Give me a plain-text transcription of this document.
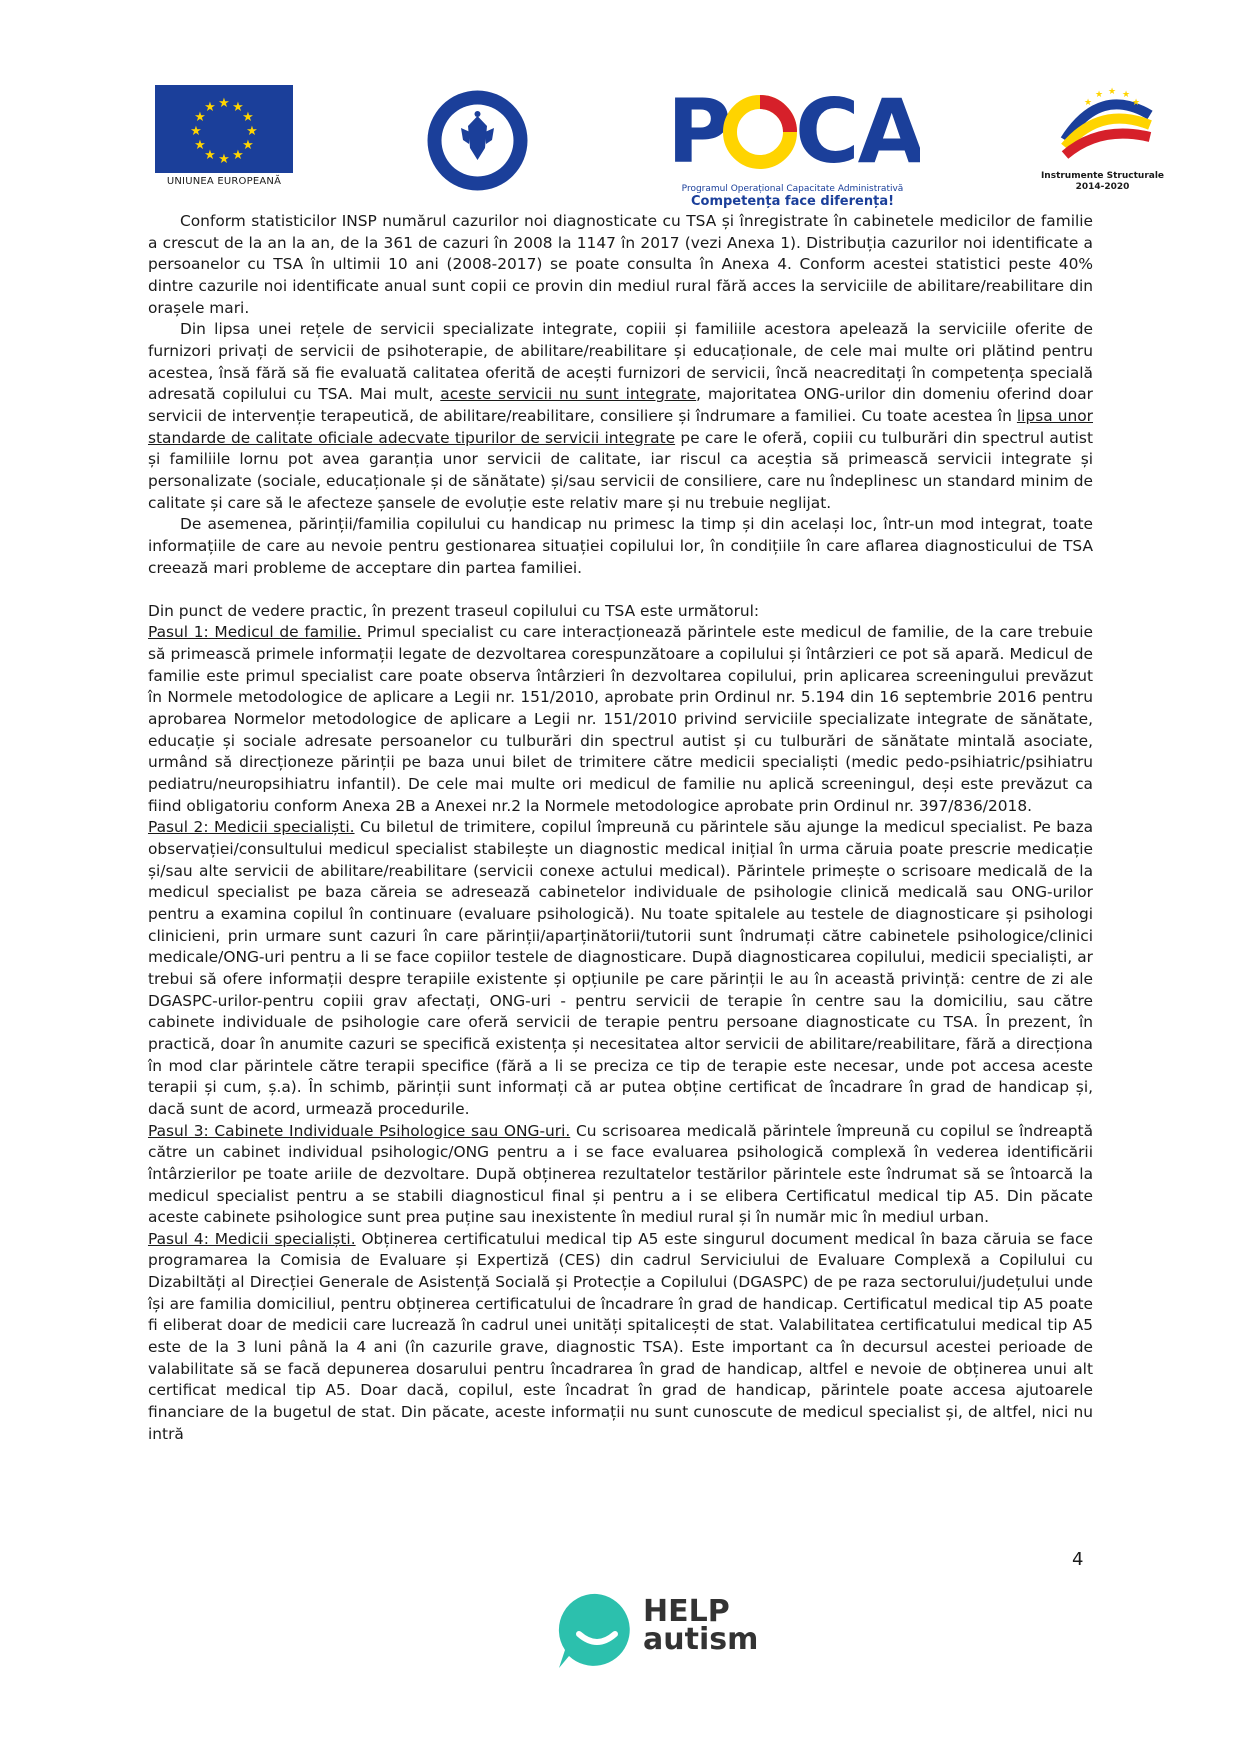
★ ★
★
★
★
★
★
★
★
★
★
★
UNIUNEA EUROPEANĂ	P CA
Programul Operațional Capacitate Administrativă
Competența face diferența!
★ ★ ★
★	★
Instrumente Structurale
2014-2020

Conform statisticilor INSP numărul cazurilor noi diagnosticate cu TSA și înregistrate în cabinetele medicilor de familie a crescut de la an la an, de la 361 de cazuri în 2008 la 1147 în 2017 (vezi Anexa 1). Distribuția cazurilor noi identificate a persoanelor cu TSA în ultimii 10 ani (2008-2017) se poate consulta în Anexa 4. Conform acestei statistici peste 40% dintre cazurile noi identificate anual sunt copii ce provin din mediul rural fără acces la serviciile de abilitare/reabilitare din orașele mari.

Din lipsa unei rețele de servicii specializate integrate, copiii și familiile acestora apelează la serviciile oferite de furnizori privați de servicii de psihoterapie, de abilitare/reabilitare și educaționale, de cele mai multe ori plătind pentru acestea, însă fără să fie evaluată calitatea oferită de acești furnizori de servicii, încă neacreditați în competența specială adresată copilului cu TSA. Mai mult, aceste servicii nu sunt integrate, majoritatea ONG-urilor din domeniu oferind doar servicii de intervenție terapeutică, de abilitare/reabilitare, consiliere și îndrumare a familiei. Cu toate acestea în lipsa unor standarde de calitate oficiale adecvate tipurilor de servicii integrate pe care le oferă, copiii cu tulburări din spectrul autist și familiile lornu pot avea garanția unor servicii de calitate, iar riscul ca aceștia să primească servicii integrate și personalizate (sociale, educaționale și de sănătate) și/sau servicii de consiliere, care nu îndeplinesc un standard minim de calitate și care să le afecteze șansele de evoluție este relativ mare și nu trebuie neglijat.

De asemenea, părinții/familia copilului cu handicap nu primesc la timp și din același loc, într-un mod integrat, toate informațiile de care au nevoie pentru gestionarea situației copilului lor, în condițiile în care aflarea diagnosticului de TSA creează mari probleme de acceptare din partea familiei.

Din punct de vedere practic, în prezent traseul copilului cu TSA este următorul:

Pasul 1: Medicul de familie. Primul specialist cu care interacționează părintele este medicul de familie, de la care trebuie să primească primele informații legate de dezvoltarea corespunzătoare a copilului și întârzieri ce pot să apară. Medicul de familie este primul specialist care poate observa întârzieri în dezvoltarea copilului, prin aplicarea screeningului prevăzut în Normele metodologice de aplicare a Legii nr. 151/2010, aprobate prin Ordinul nr. 5.194 din 16 septembrie 2016 pentru aprobarea Normelor metodologice de aplicare a Legii nr. 151/2010 privind serviciile specializate integrate de sănătate, educație și sociale adresate persoanelor cu tulburări din spectrul autist și cu tulburări de sănătate mintală asociate, urmând să direcționeze părinții pe baza unui bilet de trimitere către medicii specialiști (medic pedo-psihiatric/psihiatru pediatru/neuropsihiatru infantil). De cele mai multe ori medicul de familie nu aplică screeningul, deși este prevăzut ca fiind obligatoriu conform Anexa 2B a Anexei nr.2 la Normele metodologice aprobate prin Ordinul nr. 397/836/2018.

Pasul 2: Medicii specialiști. Cu biletul de trimitere, copilul împreună cu părintele său ajunge la medicul specialist. Pe baza observației/consultului medicul specialist stabilește un diagnostic medical inițial în urma căruia poate prescrie medicație și/sau alte servicii de abilitare/reabilitare (servicii conexe actului medical). Părintele primește o scrisoare medicală de la medicul specialist pe baza căreia se adresează cabinetelor individuale de psihologie clinică medicală sau ONG-urilor pentru a examina copilul în continuare (evaluare psihologică). Nu toate spitalele au testele de diagnosticare și psihologi clinicieni, prin urmare sunt cazuri în care părinții/aparținătorii/tutorii sunt îndrumați către cabinetele psihologice/clinici medicale/ONG-uri pentru a li se face copiilor testele de diagnosticare. După diagnosticarea copilului, medicii specialiști, ar trebui să ofere informații despre terapiile existente și opțiunile pe care părinții le au în această privință: centre de zi ale DGASPC-urilor-pentru copiii grav afectați, ONG-uri - pentru servicii de terapie în centre sau la domiciliu, sau către cabinete individuale de psihologie care oferă servicii de terapie pentru persoane diagnosticate cu TSA. În prezent, în practică, doar în anumite cazuri se specifică existența și necesitatea altor servicii de abilitare/reabilitare, fără a direcționa în mod clar părintele către terapii specifice (fără a li se preciza ce tip de terapie este necesar, unde pot accesa aceste terapii și cum, ș.a). În schimb, părinții sunt informați că ar putea obține certificat de încadrare în grad de handicap și, dacă sunt de acord, urmează procedurile.

Pasul 3: Cabinete Individuale Psihologice sau ONG-uri. Cu scrisoarea medicală părintele împreună cu copilul se îndreaptă către un cabinet individual psihologic/ONG pentru a i se face evaluarea psihologică complexă în vederea identificării întârzierilor pe toate ariile de dezvoltare. După obținerea rezultatelor testărilor părintele este îndrumat să se întoarcă la medicul specialist pentru a se stabili diagnosticul final și pentru a i se elibera Certificatul medical tip A5. Din păcate aceste cabinete psihologice sunt prea puține sau inexistente în mediul rural și în număr mic în mediul urban.

Pasul 4: Medicii specialiști. Obținerea certificatului medical tip A5 este singurul document medical în baza căruia se face programarea la Comisia de Evaluare și Expertiză (CES) din cadrul Serviciului de Evaluare Complexă a Copilului cu Dizabiltăți al Direcției Generale de Asistență Socială și Protecție a Copilului (DGASPC) de pe raza sectorului/județului unde își are familia domiciliul, pentru obținerea certificatului de încadrare în grad de handicap. Certificatul medical tip A5 poate fi eliberat doar de medicii care lucrează în cadrul unei unități spitalicești de stat. Valabilitatea certificatului medical tip A5 este de la 3 luni până la 4 ani (în cazurile grave, diagnostic TSA). Este important ca în decursul acestei perioade de valabilitate să se facă depunerea dosarului pentru încadrarea în grad de handicap, altfel e nevoie de obținerea unui alt certificat medical tip A5. Doar dacă, copilul, este încadrat în grad de handicap, părintele poate accesa ajutoarele financiare de la bugetul de stat. Din păcate, aceste informații nu sunt cunoscute de medicul specialist și, de altfel, nici nu intră

4
HELP
autism
